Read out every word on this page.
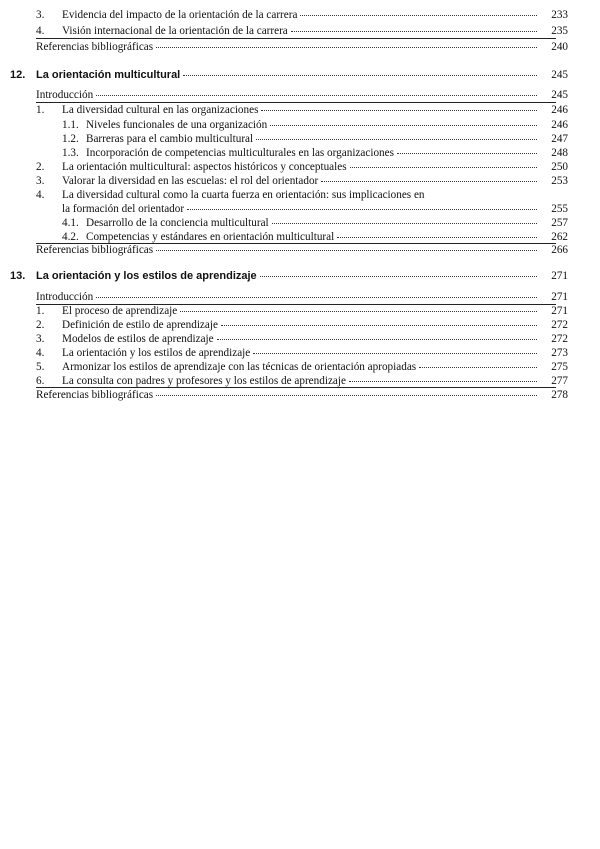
3.	Evidencia del impacto de la orientación de la carrera	233
4.	Visión internacional de la orientación de la carrera	235
Referencias bibliográficas	240
12. La orientación multicultural	245
Introducción	245
1.	La diversidad cultural en las organizaciones	246
1.1. Niveles funcionales de una organización	246
1.2. Barreras para el cambio multicultural	247
1.3. Incorporación de competencias multiculturales en las organizaciones	248
2.	La orientación multicultural: aspectos históricos y conceptuales	250
3.	Valorar la diversidad en las escuelas: el rol del orientador	253
4.	La diversidad cultural como la cuarta fuerza en orientación: sus implicaciones en
la formación del orientador	255
4.1. Desarrollo de la conciencia multicultural	257
4.2. Competencias y estándares en orientación multicultural	262
Referencias bibliográficas	266
13. La orientación y los estilos de aprendizaje	271
Introducción	271
1.	El proceso de aprendizaje	271
2.	Definición de estilo de aprendizaje	272
3.	Modelos de estilos de aprendizaje	272
4.	La orientación y los estilos de aprendizaje	273
5.	Armonizar los estilos de aprendizaje con las técnicas de orientación apropiadas	275
6.	La consulta con padres y profesores y los estilos de aprendizaje	277
Referencias bibliográficas	278
